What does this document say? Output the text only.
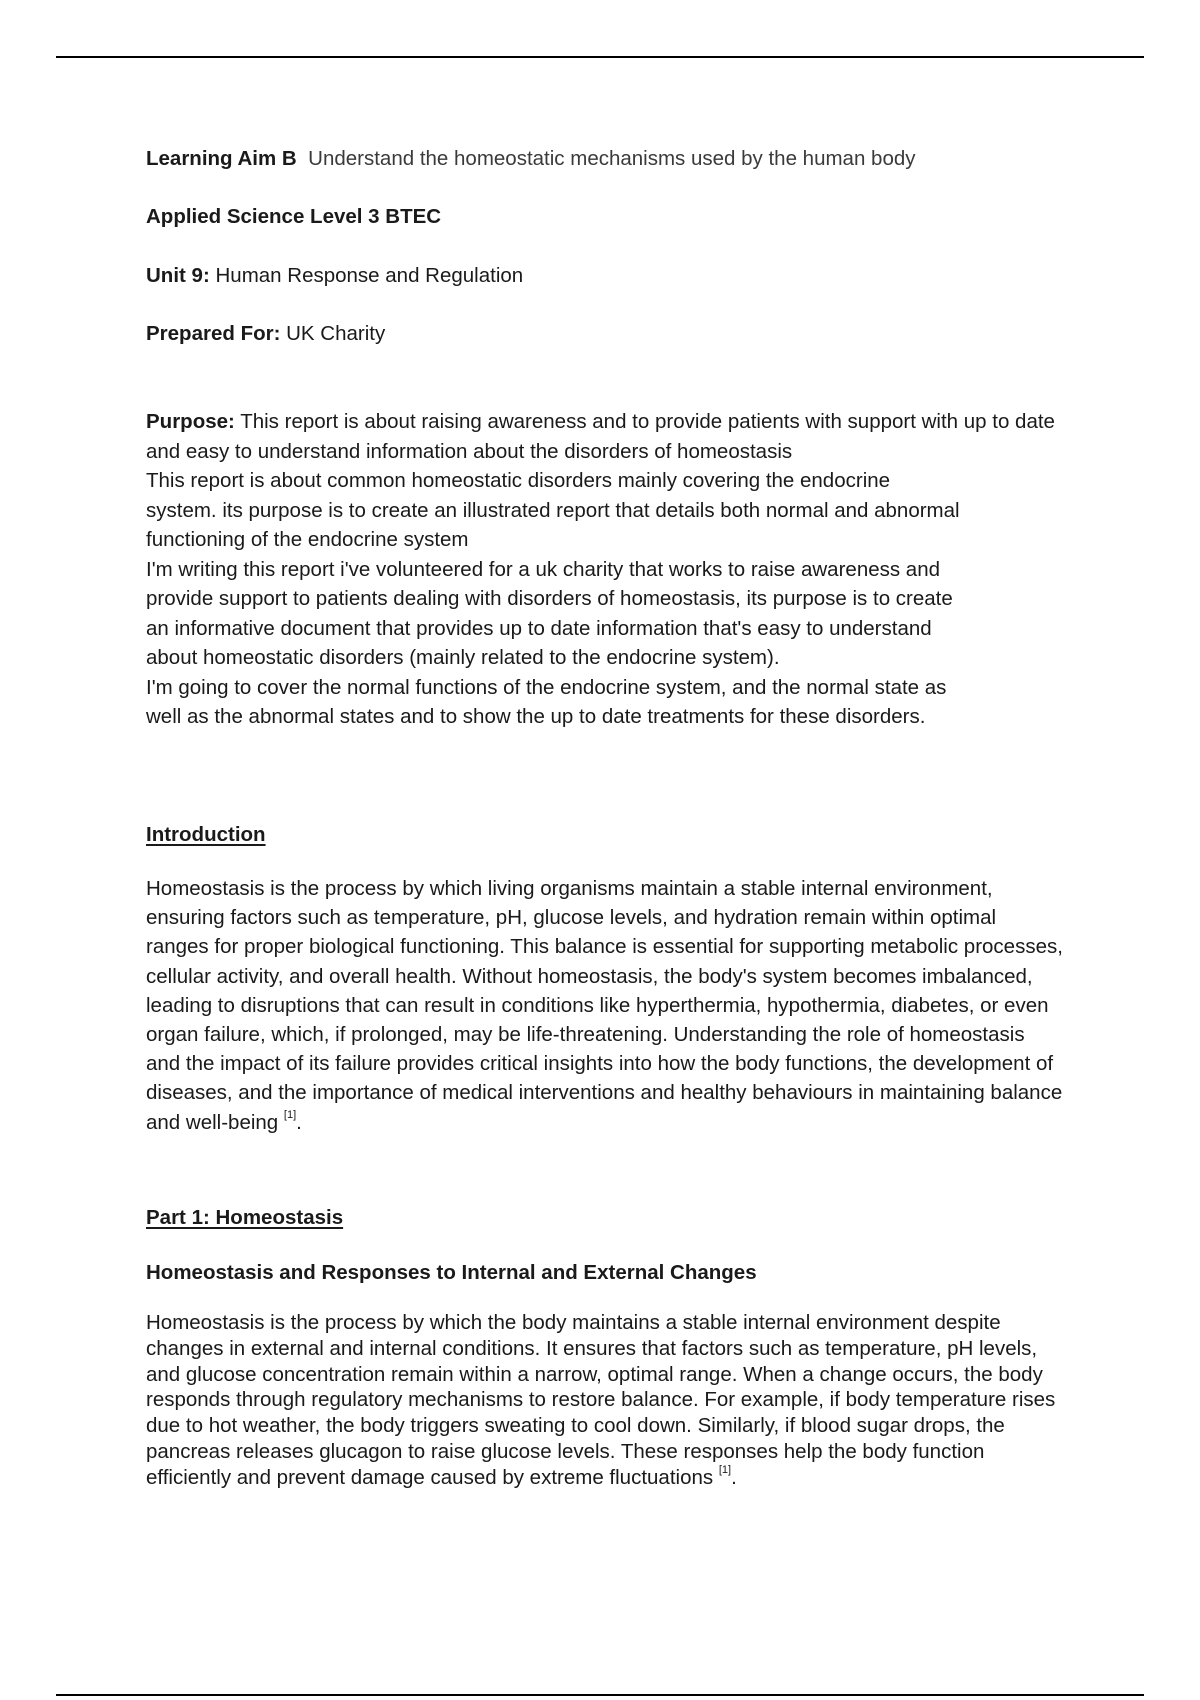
Learning Aim B Understand the homeostatic mechanisms used by the human body
Applied Science Level 3 BTEC
Unit 9: Human Response and Regulation
Prepared For: UK Charity

Purpose: This report is about raising awareness and to provide patients with support with up to date and easy to understand information about the disorders of homeostasis

This report is about common homeostatic disorders mainly covering the endocrine system. its purpose is to create an illustrated report that details both normal and abnormal functioning of the endocrine system

I'm writing this report i've volunteered for a uk charity that works to raise awareness and provide support to patients dealing with disorders of homeostasis, its purpose is to create an informative document that provides up to date information that's easy to understand about homeostatic disorders (mainly related to the endocrine system).

I'm going to cover the normal functions of the endocrine system, and the normal state as well as the abnormal states and to show the up to date treatments for these disorders.

Introduction

Homeostasis is the process by which living organisms maintain a stable internal environment, ensuring factors such as temperature, pH, glucose levels, and hydration remain within optimal ranges for proper biological functioning. This balance is essential for supporting metabolic processes, cellular activity, and overall health. Without homeostasis, the body's system becomes imbalanced, leading to disruptions that can result in conditions like hyperthermia, hypothermia, diabetes, or even organ failure, which, if prolonged, may be life-threatening. Understanding the role of homeostasis and the impact of its failure provides critical insights into how the body functions, the development of diseases, and the importance of medical interventions and healthy behaviours in maintaining balance and well-being [1].

Part 1: Homeostasis
Homeostasis and Responses to Internal and External Changes

Homeostasis is the process by which the body maintains a stable internal environment despite changes in external and internal conditions. It ensures that factors such as temperature, pH levels, and glucose concentration remain within a narrow, optimal range. When a change occurs, the body responds through regulatory mechanisms to restore balance. For example, if body temperature rises due to hot weather, the body triggers sweating to cool down. Similarly, if blood sugar drops, the pancreas releases glucagon to raise glucose levels. These responses help the body function efficiently and prevent damage caused by extreme fluctuations [1].
